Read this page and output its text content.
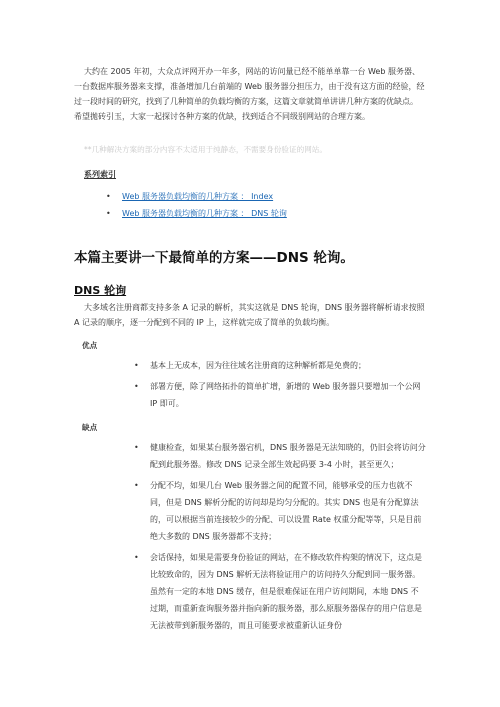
大约在 2005 年初，大众点评网开办一年多，网站的访问量已经不能单单靠一台 Web 服务器、一台数据库服务器来支撑，准备增加几台前端的 Web 服务器分担压力，由于没有这方面的经验，经过一段时间的研究，找到了几种简单的负载均衡的方案，这篇文章就简单讲讲几种方案的优缺点。

希望拋砖引玉，大家一起探讨各种方案的优缺，找到适合不同级别网站的合理方案。

**几种解决方案的部分内容不太适用于纯静态，不需要身份验证的网站。

系列索引
• Web 服务器负载均衡的几种方案 ： Index
• Web 服务器负载均衡的几种方案 ： DNS 轮询
本篇主要讲一下最简单的方案——DNS 轮询。
DNS 轮询

大多域名注册商都支持多条 A 记录的解析，其实这就是 DNS 轮询，DNS 服务器将解析请求按照 A 记录的顺序，逐一分配到不同的 IP 上，这样就完成了简单的负载均衡。

优点
• 基本上无成本，因为往往域名注册商的这种解析都是免费的；
• 部署方便，除了网络拓扑的简单扩增，新增的 Web 服务器只要增加一个公网 IP 即可。
缺点
• 健康检查，如果某台服务器宕机，DNS 服务器是无法知晓的，仍旧会将访问分配到此服务器。修改 DNS 记录全部生效起码要 3-4 小时，甚至更久；
• 分配不均，如果几台 Web 服务器之间的配置不同，能够承受的压力也就不同，但是 DNS 解析分配的访问却是均匀分配的。其实 DNS 也是有分配算法的，可以根据当前连接较少的分配、可以设置 Rate 权重分配等等，只是目前绝大多数的 DNS 服务器都不支持；
• 会话保持，如果是需要身份验证的网站，在不修改软件构架的情况下，这点是比较致命的，因为 DNS 解析无法将验证用户的访问持久分配到同一服务器。虽然有一定的本地 DNS 缓存，但是很难保证在用户访问期间，本地 DNS 不过期，而重新查询服务器并指向新的服务器，那么原服务器保存的用户信息是无法被带到新服务器的，而且可能要求被重新认证身份
